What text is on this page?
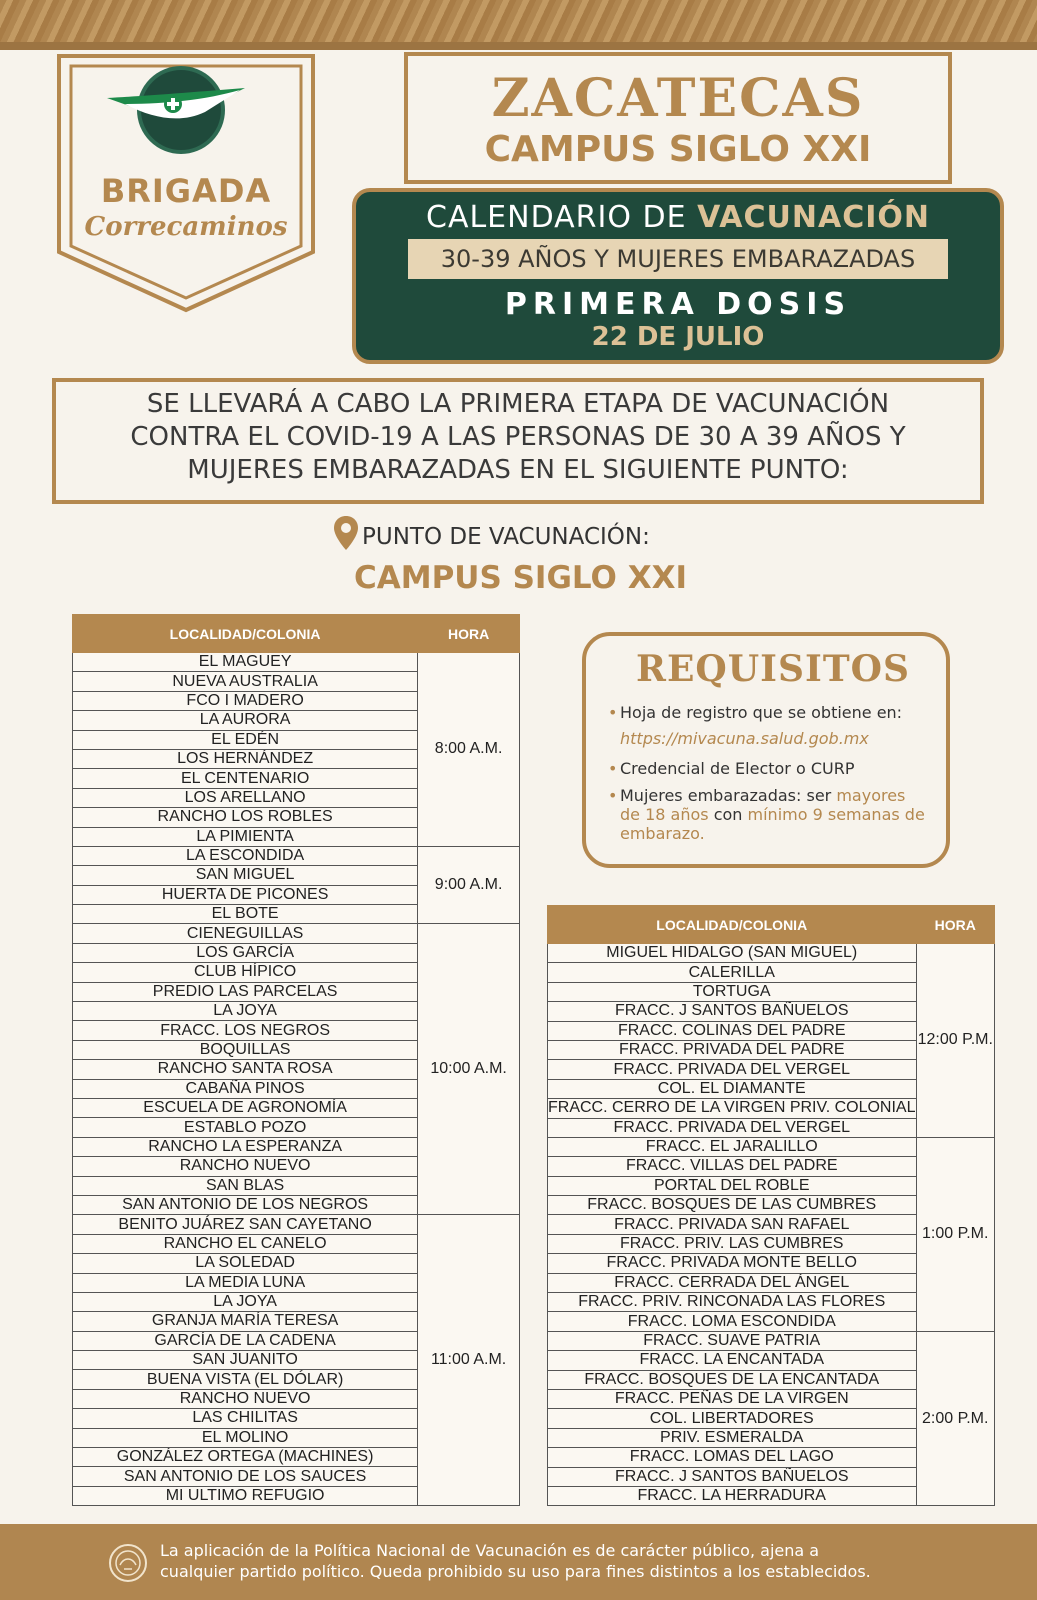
BRIGADA
Correcaminos
ZACATECAS
CAMPUS SIGLO XXI
CALENDARIO DE VACUNACIÓN
30-39 AÑOS Y MUJERES EMBARAZADAS
PRIMERA DOSIS
22 DE JULIO
SE LLEVARÁ A CABO LA PRIMERA ETAPA DE VACUNACIÓN
CONTRA EL COVID-19 A LAS PERSONAS DE 30 A 39 AÑOS Y
MUJERES EMBARAZADAS EN EL SIGUIENTE PUNTO:
PUNTO DE VACUNACIÓN:
CAMPUS SIGLO XXI
LOCALIDAD/COLONIA	HORA
EL MAGUEY	8:00 A.M.
NUEVA AUSTRALIA	
FCO I MADERO	
LA AURORA	
EL EDÉN	
LOS HERNÁNDEZ	
EL CENTENARIO	
LOS ARELLANO	
RANCHO LOS ROBLES	
LA PIMIENTA	
LA ESCONDIDA	9:00 A.M.
SAN MIGUEL	
HUERTA DE PICONES	
EL BOTE	
CIENEGUILLAS	10:00 A.M.
LOS GARCÍA	
CLUB HÍPICO	
PREDIO LAS PARCELAS	
LA JOYA	
FRACC. LOS NEGROS	
BOQUILLAS	
RANCHO SANTA ROSA	
CABAÑA PINOS	
ESCUELA DE AGRONOMÍA	
ESTABLO POZO	
RANCHO LA ESPERANZA	
RANCHO NUEVO	
SAN BLAS	
SAN ANTONIO DE LOS NEGROS	
BENITO JUÁREZ SAN CAYETANO	11:00 A.M.
RANCHO EL CANELO	
LA SOLEDAD	
LA MEDIA LUNA	
LA JOYA	
GRANJA MARÍA TERESA	
GARCÍA DE LA CADENA	
SAN JUANITO	
BUENA VISTA (EL DÓLAR)	
RANCHO NUEVO	
LAS CHILITAS	
EL MOLINO	
GONZÁLEZ ORTEGA (MACHINES)	
SAN ANTONIO DE LOS SAUCES	
MI ULTIMO REFUGIO	
REQUISITOS
• Hoja de registro que se obtiene en: https://mivacuna.salud.gob.mx
• Credencial de Elector o CURP
• Mujeres embarazadas: ser mayores de 18 años con mínimo 9 semanas de embarazo.
LOCALIDAD/COLONIA	HORA
MIGUEL HIDALGO (SAN MIGUEL)	12:00 P.M.
CALERILLA	
TORTUGA	
FRACC. J SANTOS BAÑUELOS	
FRACC. COLINAS DEL PADRE	
FRACC. PRIVADA DEL PADRE	
FRACC. PRIVADA DEL VERGEL	
COL. EL DIAMANTE	
FRACC. CERRO DE LA VIRGEN PRIV. COLONIAL	
FRACC. PRIVADA DEL VERGEL	
FRACC. EL JARALILLO	1:00 P.M.
FRACC. VILLAS DEL PADRE	
PORTAL DEL ROBLE	
FRACC. BOSQUES DE LAS CUMBRES	
FRACC. PRIVADA SAN RAFAEL	
FRACC. PRIV. LAS CUMBRES	
FRACC. PRIVADA MONTE BELLO	
FRACC. CERRADA DEL ÁNGEL	
FRACC. PRIV. RINCONADA LAS FLORES	
FRACC. LOMA ESCONDIDA	
FRACC. SUAVE PATRIA	2:00 P.M.
FRACC. LA ENCANTADA	
FRACC. BOSQUES DE LA ENCANTADA	
FRACC. PEÑAS DE LA VIRGEN	
COL. LIBERTADORES	
PRIV. ESMERALDA	
FRACC. LOMAS DEL LAGO	
FRACC. J SANTOS BAÑUELOS	
FRACC. LA HERRADURA	
La aplicación de la Política Nacional de Vacunación es de carácter público, ajena a
cualquier partido político. Queda prohibido su uso para fines distintos a los establecidos.
